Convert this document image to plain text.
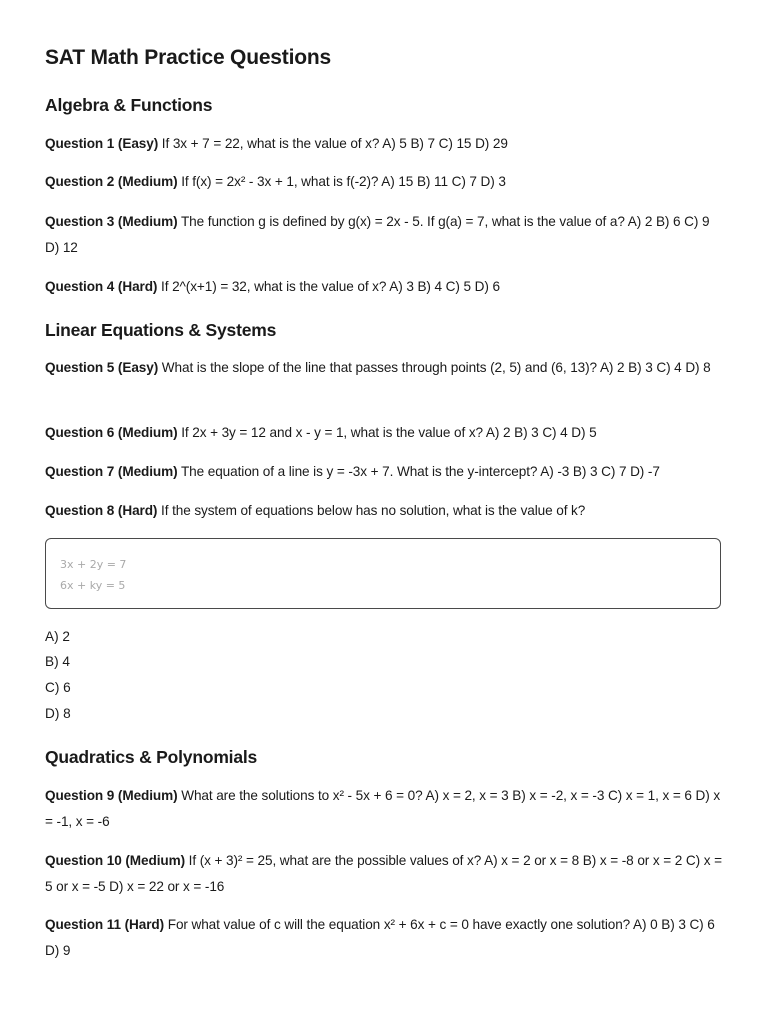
SAT Math Practice Questions
Algebra & Functions

Question 1 (Easy) If 3x + 7 = 22, what is the value of x? A) 5 B) 7 C) 15 D) 29

Question 2 (Medium) If f(x) = 2x² - 3x + 1, what is f(-2)? A) 15 B) 11 C) 7 D) 3

Question 3 (Medium) The function g is defined by g(x) = 2x - 5. If g(a) = 7, what is the value of a? A) 2 B) 6 C) 9 D) 12

Question 4 (Hard) If 2^(x+1) = 32, what is the value of x? A) 3 B) 4 C) 5 D) 6

Linear Equations & Systems

Question 5 (Easy) What is the slope of the line that passes through points (2, 5) and (6, 13)? A) 2 B) 3 C) 4 D) 8

Question 6 (Medium) If 2x + 3y = 12 and x - y = 1, what is the value of x? A) 2 B) 3 C) 4 D) 5

Question 7 (Medium) The equation of a line is y = -3x + 7. What is the y-intercept? A) -3 B) 3 C) 7 D) -7

Question 8 (Hard) If the system of equations below has no solution, what is the value of k?

3x + 2y = 7
6x + ky = 5

A) 2

B) 4

C) 6

D) 8

Quadratics & Polynomials

Question 9 (Medium) What are the solutions to x² - 5x + 6 = 0? A) x = 2, x = 3 B) x = -2, x = -3 C) x = 1, x = 6 D) x = -1, x = -6

Question 10 (Medium) If (x + 3)² = 25, what are the possible values of x? A) x = 2 or x = 8 B) x = -8 or x = 2 C) x = 5 or x = -5 D) x = 22 or x = -16

Question 11 (Hard) For what value of c will the equation x² + 6x + c = 0 have exactly one solution? A) 0 B) 3 C) 6 D) 9
